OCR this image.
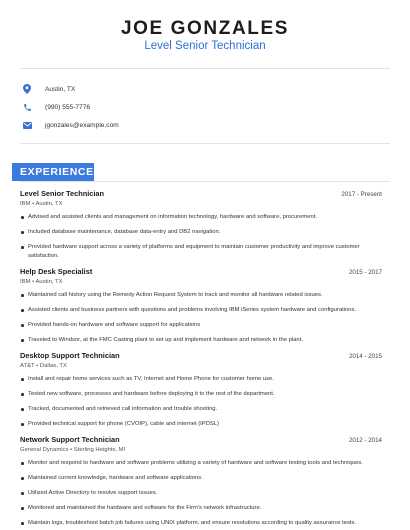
JOE GONZALES
Level Senior Technician
Austin, TX
(990) 555-7776
jgonzales@example.com
EXPERIENCE
Level Senior Technician	2017 - Present
IBM • Austin, TX
Advised and assisted clients and management on information technology, hardware and software, procurement.
Included database maintenance, database data-entry and DB2 navigation.
Provided hardware support across a variety of platforms and equipment to maintain customer productivity and improve customer satisfaction.
Help Desk Specialist	2015 - 2017
IBM • Austin, TX
Maintained call history using the Remedy Action Request System to track and monitor all hardware related issues.
Assisted clients and business partners with questions and problems involving IBM iSeries system hardware and configurations.
Provided hands-on hardware and software support for applications
Traveled to Windsor, at the FMC Casting plant to set up and implement hardware and network in the plant.
Desktop Support Technician	2014 - 2015
AT&T • Dallas, TX
Install and repair home services such as TV, Internet and Home Phone for customer home use.
Tested new software, processes and hardware before deploying it to the rest of the department.
Tracked, documented and retrieved call information and trouble shooting.
Provided technical support for phone (CVOIP), cable and internet (IPDSL)
Network Support Technician	2012 - 2014
General Dynamics • Sterling Heights, MI
Monitor and respond to hardware and software problems utilizing a variety of hardware and software testing tools and techniques.
Maintained current knowledge, hardware and software applications.
Utilized Active Directory to resolve support issues.
Monitored and maintained the hardware and software for the Firm's network infrastructure.
Maintain logs, troubleshoot batch job failures using UNIX platform, and ensure resolutions according to quality assurance tests.
